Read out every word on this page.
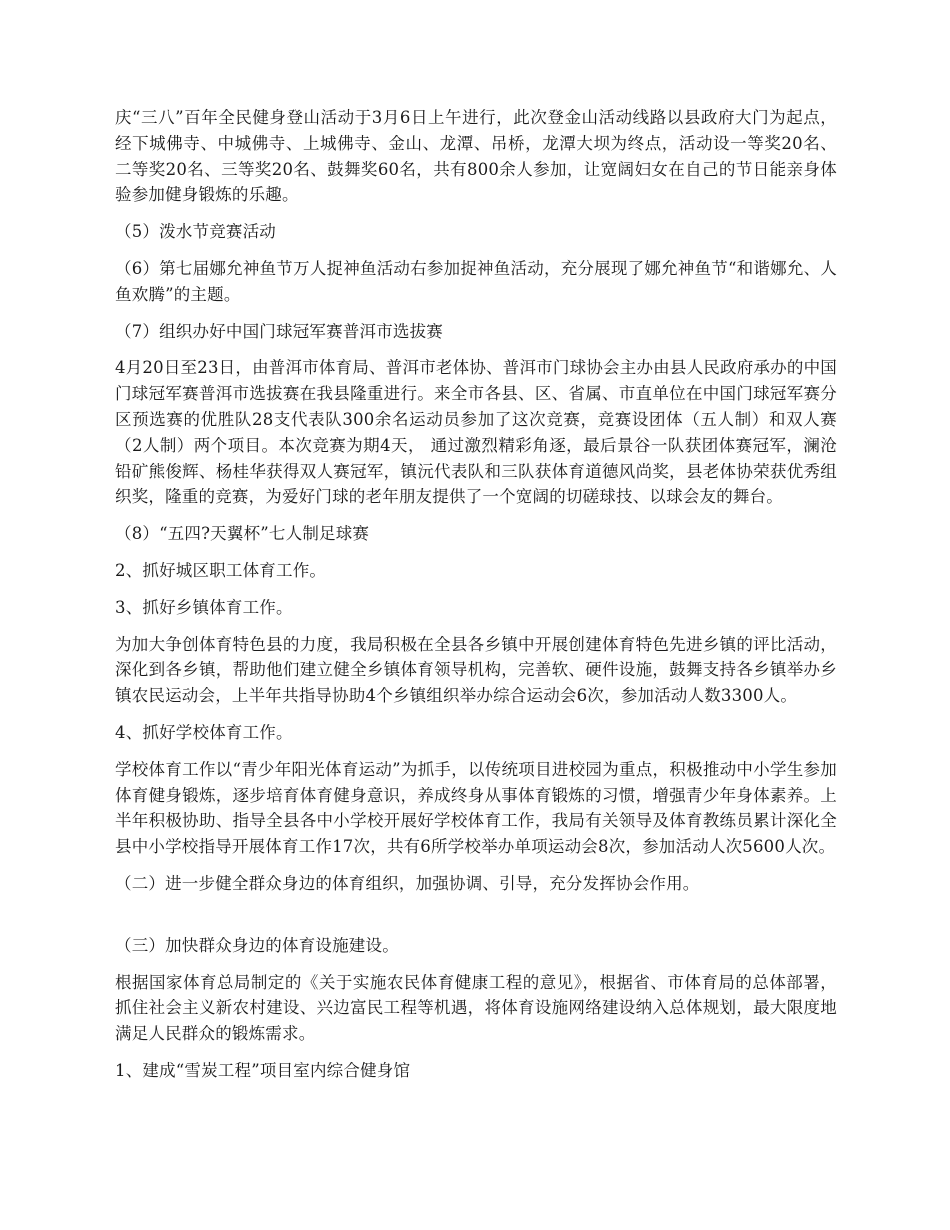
庆“三八”百年全民健身登山活动于3月6日上午进行，此次登金山活动线路以县政府大门为起点，经下城佛寺、中城佛寺、上城佛寺、金山、龙潭、吊桥，龙潭大坝为终点，活动设一等奖20名、二等奖20名、三等奖20名、鼓舞奖60名，共有800余人参加，让宽阔妇女在自己的节日能亲身体验参加健身锻炼的乐趣。

（5）泼水节竞赛活动

（6）第七届娜允神鱼节万人捉神鱼活动右参加捉神鱼活动，充分展现了娜允神鱼节“和谐娜允、人鱼欢腾”的主题。

（7）组织办好中国门球冠军赛普洱市选拔赛

4月20日至23日，由普洱市体育局、普洱市老体协、普洱市门球协会主办由县人民政府承办的中国门球冠军赛普洱市选拔赛在我县隆重进行。来全市各县、区、省属、市直单位在中国门球冠军赛分区预选赛的优胜队28支代表队300余名运动员参加了这次竞赛，竞赛设团体（五人制）和双人赛（2人制）两个项目。本次竞赛为期4天， 通过激烈精彩角逐，最后景谷一队获团体赛冠军，澜沧铅矿熊俊辉、杨桂华获得双人赛冠军，镇沅代表队和三队获体育道德风尚奖，县老体协荣获优秀组织奖，隆重的竞赛，为爱好门球的老年朋友提供了一个宽阔的切磋球技、以球会友的舞台。

（8）“五四?天翼杯”七人制足球赛

2、抓好城区职工体育工作。

3、抓好乡镇体育工作。

为加大争创体育特色县的力度，我局积极在全县各乡镇中开展创建体育特色先进乡镇的评比活动，深化到各乡镇，帮助他们建立健全乡镇体育领导机构，完善软、硬件设施，鼓舞支持各乡镇举办乡镇农民运动会，上半年共指导协助4个乡镇组织举办综合运动会6次，参加活动人数3300人。

4、抓好学校体育工作。

学校体育工作以“青少年阳光体育运动”为抓手，以传统项目进校园为重点，积极推动中小学生参加体育健身锻炼，逐步培育体育健身意识，养成终身从事体育锻炼的习惯，增强青少年身体素养。上半年积极协助、指导全县各中小学校开展好学校体育工作，我局有关领导及体育教练员累计深化全县中小学校指导开展体育工作17次，共有6所学校举办单项运动会8次，参加活动人次5600人次。

（二）进一步健全群众身边的体育组织，加强协调、引导，充分发挥协会作用。

（三）加快群众身边的体育设施建设。

根据国家体育总局制定的《关于实施农民体育健康工程的意见》，根据省、市体育局的总体部署，抓住社会主义新农村建设、兴边富民工程等机遇，将体育设施网络建设纳入总体规划，最大限度地满足人民群众的锻炼需求。

1、建成“雪炭工程”项目室内综合健身馆
